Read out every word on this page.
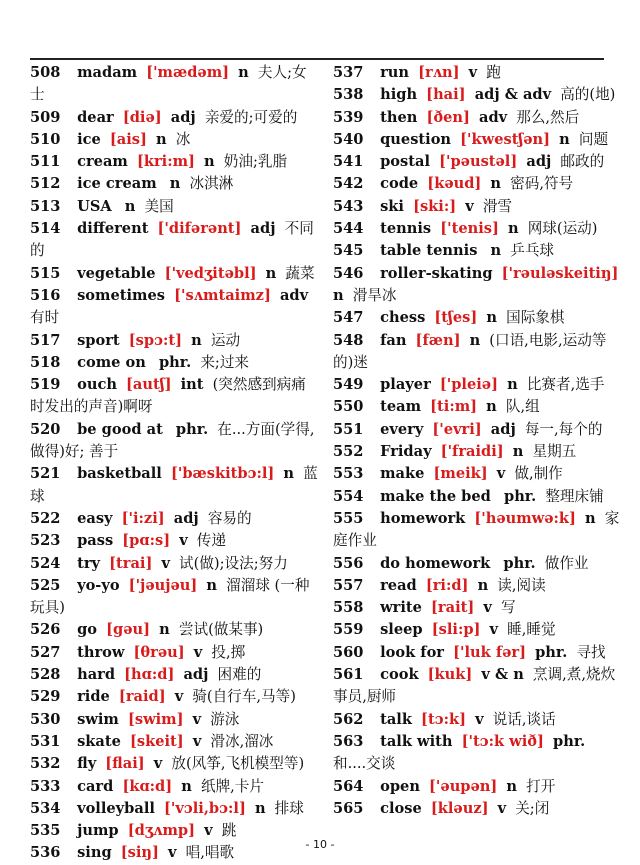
508 madam ['mædəm] n 夫人;女士
509 dear [diə] adj 亲爱的;可爱的
510 ice [ais] n 冰
511 cream [kri:m] n 奶油;乳脂
512 ice cream n 冰淇淋
513 USA n 美国
514 different ['difərənt] adj 不同的
515 vegetable ['vedʒitəbl] n 蔬菜
516 sometimes ['sʌmtaimz] adv 有时
517 sport [spɔ:t] n 运动
518 come on phr. 来;过来
519 ouch [autʃ] int (突然感到病痛时发出的声音)啊呀
520 be good at phr. 在...方面(学得,做得)好; 善于
521 basketball ['bæskitbɔ:l] n 蓝球
522 easy ['i:zi] adj 容易的
523 pass [pɑ:s] v 传递
524 try [trai] v 试(做);设法;努力
525 yo-yo ['jəujəu] n 溜溜球 (一种玩具)
526 go [gəu] n 尝试(做某事)
527 throw [θrəu] v 投,掷
528 hard [hɑ:d] adj 困难的
529 ride [raid] v 骑(自行车,马等)
530 swim [swim] v 游泳
531 skate [skeit] v 滑冰,溜冰
532 fly [flai] v 放(风筝,飞机模型等)
533 card [kɑ:d] n 纸牌,卡片
534 volleyball ['vɔli,bɔ:l] n 排球
535 jump [dʒʌmp] v 跳
536 sing [siŋ] v 唱,唱歌
537 run [rʌn] v 跑
538 high [hai] adj & adv 高的(地)
539 then [ðen] adv 那么,然后
540 question ['kwestʃən] n 问题
541 postal ['pəustəl] adj 邮政的
542 code [kəud] n 密码,符号
543 ski [ski:] v 滑雪
544 tennis ['tenis] n 网球(运动)
545 table tennis n 乒乓球
546 roller-skating ['rəuləskeitiŋ] n 滑旱冰
547 chess [tʃes] n 国际象棋
548 fan [fæn] n (口语,电影,运动等的)迷
549 player ['pleiə] n 比赛者,选手
550 team [ti:m] n 队,组
551 every ['evri] adj 每一,每个的
552 Friday ['fraidi] n 星期五
553 make [meik] v 做,制作
554 make the bed phr. 整理床铺
555 homework ['həumwə:k] n 家庭作业
556 do homework phr. 做作业
557 read [ri:d] n 读,阅读
558 write [rait] v 写
559 sleep [sli:p] v 睡,睡觉
560 look for ['luk fər] phr. 寻找
561 cook [kuk] v & n 烹调,煮,烧炊事员,厨师
562 talk [tɔ:k] v 说话,谈话
563 talk with ['tɔ:k wið] phr. 和....交谈
564 open ['əupən] n 打开
565 close [kləuz] v 关;闭
- 10 -
